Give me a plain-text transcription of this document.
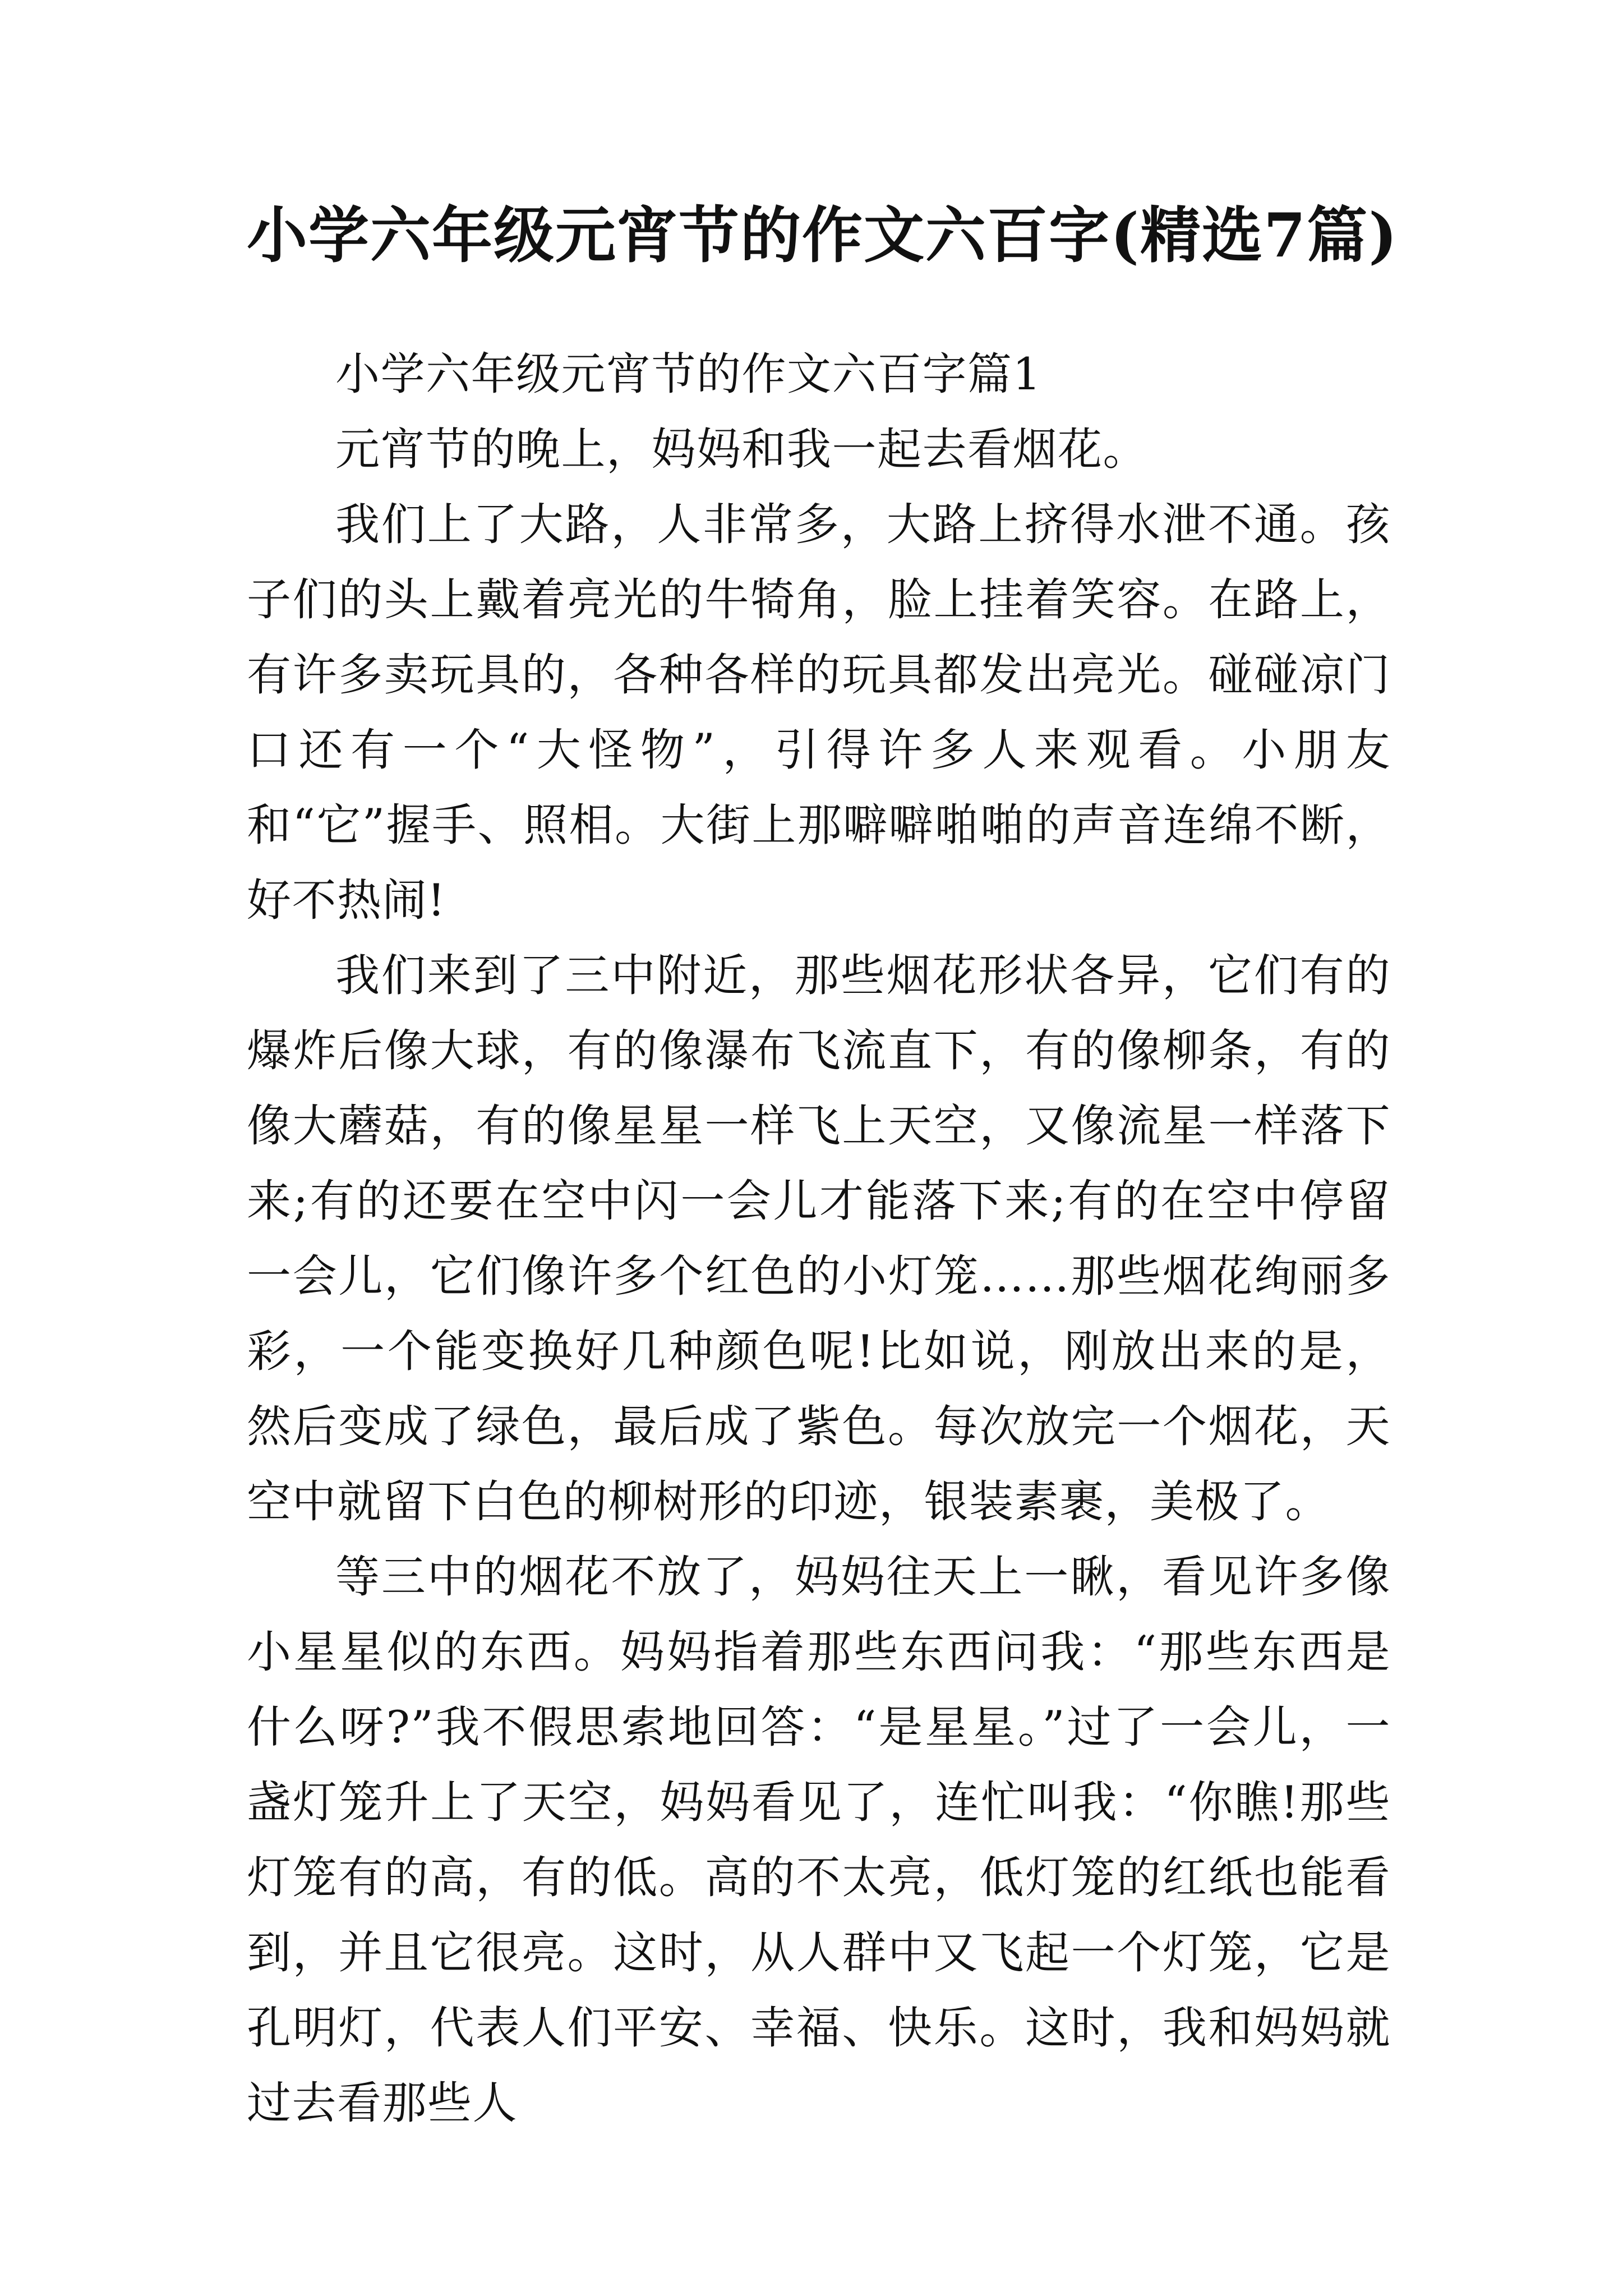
小学六年级元宵节的作文六百字(精选7篇)

小学六年级元宵节的作文六百字篇1

元宵节的晚上，妈妈和我一起去看烟花。

我们上了大路，人非常多，大路上挤得水泄不通。孩子们的头上戴着亮光的牛犄角，脸上挂着笑容。在路上，有许多卖玩具的，各种各样的玩具都发出亮光。碰碰凉门口还有一个“大怪物”，引得许多人来观看。小朋友和“它”握手、照相。大街上那噼噼啪啪的声音连绵不断，好不热闹!

我们来到了三中附近，那些烟花形状各异，它们有的爆炸后像大球，有的像瀑布飞流直下，有的像柳条，有的像大蘑菇，有的像星星一样飞上天空，又像流星一样落下来;有的还要在空中闪一会儿才能落下来;有的在空中停留一会儿，它们像许多个红色的小灯笼……那些烟花绚丽多彩，一个能变换好几种颜色呢!比如说，刚放出来的是，然后变成了绿色，最后成了紫色。每次放完一个烟花，天空中就留下白色的柳树形的印迹，银装素裹，美极了。

等三中的烟花不放了，妈妈往天上一瞅，看见许多像小星星似的东西。妈妈指着那些东西问我：“那些东西是什么呀?”我不假思索地回答：“是星星。”过了一会儿，一盏灯笼升上了天空，妈妈看见了，连忙叫我：“你瞧!那些灯笼有的高，有的低。高的不太亮，低灯笼的红纸也能看到，并且它很亮。这时，从人群中又飞起一个灯笼，它是孔明灯，代表人们平安、幸福、快乐。这时，我和妈妈就过去看那些人
